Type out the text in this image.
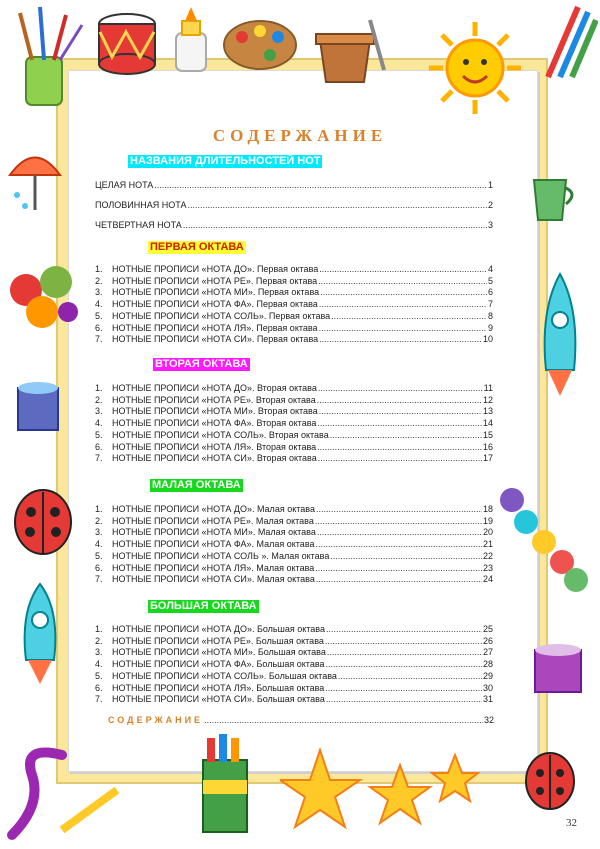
СОДЕРЖАНИЕ
НАЗВАНИЯ ДЛИТЕЛЬНОСТЕЙ НОТ
ЦЕЛАЯ НОТА .....	1
ПОЛОВИННАЯ НОТА .....	2
ЧЕТВЕРТНАЯ НОТА .....	3
ПЕРВАЯ ОКТАВА
1.	НОТНЫЕ ПРОПИСИ «НОТА ДО». Первая октава .....	4
2.	НОТНЫЕ ПРОПИСИ «НОТА РЕ». Первая октава .....	5
3.	НОТНЫЕ ПРОПИСИ «НОТА МИ». Первая октава .....	6
4.	НОТНЫЕ ПРОПИСИ «НОТА ФА». Первая октава .....	7
5.	НОТНЫЕ ПРОПИСИ «НОТА СОЛЬ». Первая октава .....	8
6.	НОТНЫЕ ПРОПИСИ «НОТА ЛЯ». Первая октава .....	9
7.	НОТНЫЕ ПРОПИСИ «НОТА СИ». Первая октава .....	10
ВТОРАЯ ОКТАВА
1.	НОТНЫЕ ПРОПИСИ «НОТА ДО». Вторая октава .....	11
2.	НОТНЫЕ ПРОПИСИ «НОТА РЕ». Вторая октава .....	12
3.	НОТНЫЕ ПРОПИСИ «НОТА МИ». Вторая октава .....	13
4.	НОТНЫЕ ПРОПИСИ «НОТА ФА». Вторая октава .....	14
5.	НОТНЫЕ ПРОПИСИ «НОТА СОЛЬ». Вторая октава .....	15
6.	НОТНЫЕ ПРОПИСИ «НОТА ЛЯ». Вторая октава .....	16
7.	НОТНЫЕ ПРОПИСИ «НОТА СИ». Вторая октава .....	17
МАЛАЯ ОКТАВА
1.	НОТНЫЕ ПРОПИСИ «НОТА ДО». Малая октава .....	18
2.	НОТНЫЕ ПРОПИСИ «НОТА РЕ». Малая октава .....	19
3.	НОТНЫЕ ПРОПИСИ «НОТА МИ». Малая октава .....	20
4.	НОТНЫЕ ПРОПИСИ «НОТА ФА». Малая октава .....	21
5.	НОТНЫЕ ПРОПИСИ «НОТА СОЛЬ ». Малая октава .....	22
6.	НОТНЫЕ ПРОПИСИ «НОТА ЛЯ». Малая октава .....	23
7.	НОТНЫЕ ПРОПИСИ «НОТА СИ». Малая октава .....	24
БОЛЬШАЯ ОКТАВА
1.	НОТНЫЕ ПРОПИСИ «НОТА ДО». Большая октава .....	25
2.	НОТНЫЕ ПРОПИСИ «НОТА РЕ». Большая октава .....	26
3.	НОТНЫЕ ПРОПИСИ «НОТА МИ». Большая октава .....	27
4.	НОТНЫЕ ПРОПИСИ «НОТА ФА». Большая октава .....	28
5.	НОТНЫЕ ПРОПИСИ «НОТА СОЛЬ». Большая октава .....	29
6.	НОТНЫЕ ПРОПИСИ «НОТА ЛЯ». Большая октава .....	30
7.	НОТНЫЕ ПРОПИСИ «НОТА СИ». Большая октава .....	31
СОДЕРЖАНИЕ .....	32
32
